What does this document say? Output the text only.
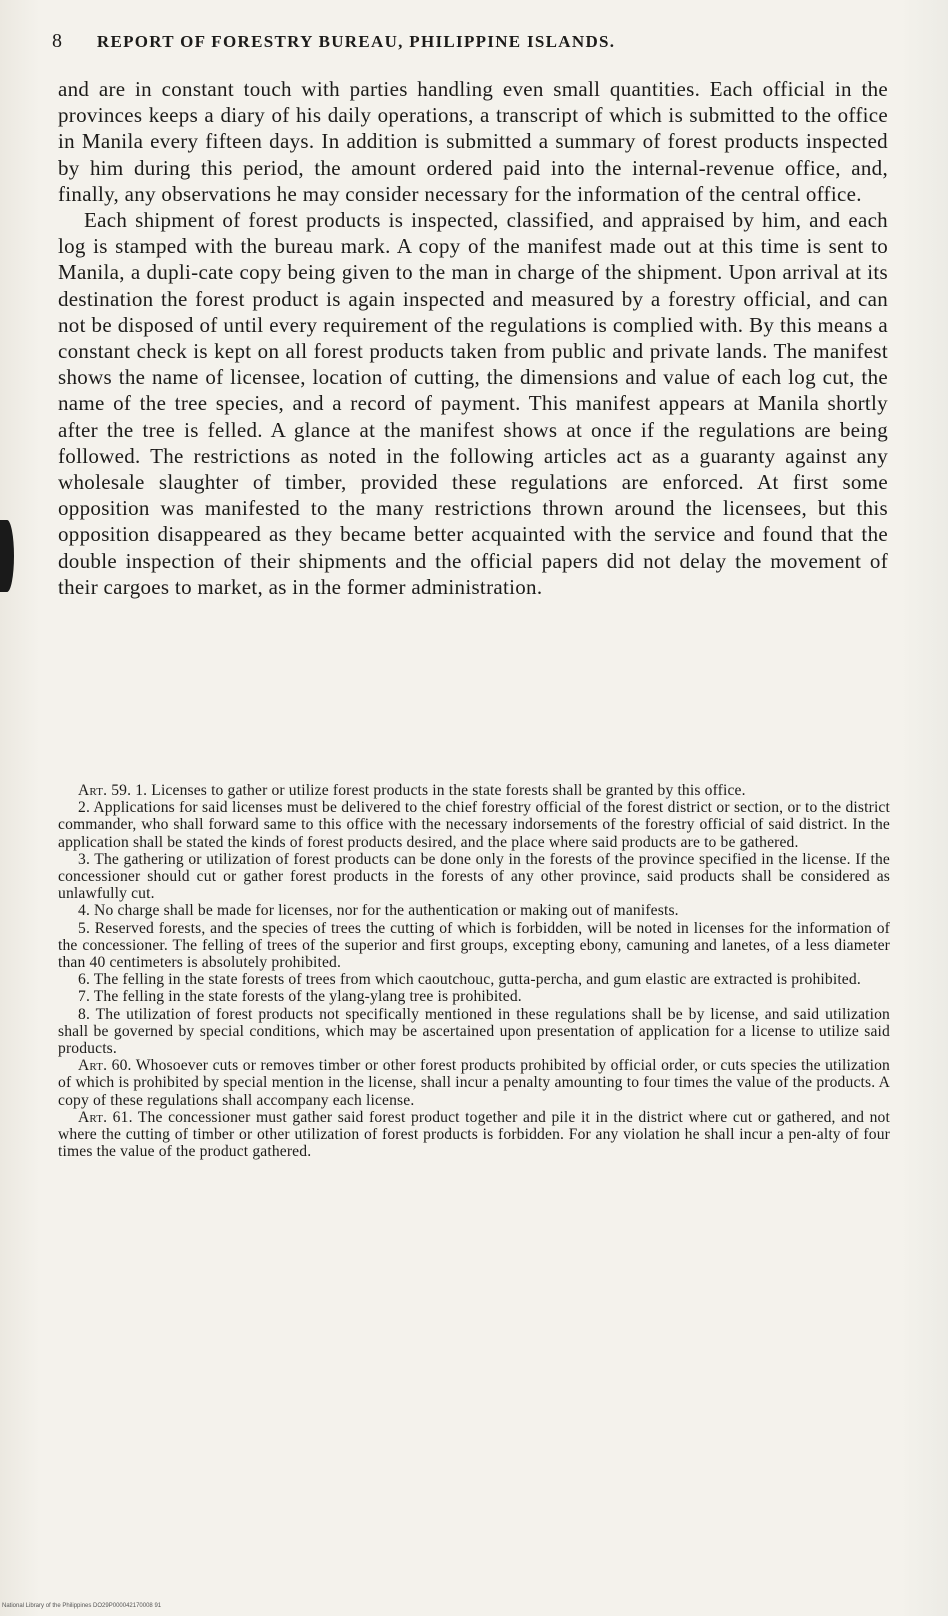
8 REPORT OF FORESTRY BUREAU, PHILIPPINE ISLANDS.

and are in constant touch with parties handling even small quantities. Each official in the provinces keeps a diary of his daily operations, a transcript of which is submitted to the office in Manila every fifteen days. In addition is submitted a summary of forest products inspected by him during this period, the amount ordered paid into the internal-revenue office, and, finally, any observations he may consider necessary for the information of the central office.

Each shipment of forest products is inspected, classified, and appraised by him, and each log is stamped with the bureau mark. A copy of the manifest made out at this time is sent to Manila, a dupli-cate copy being given to the man in charge of the shipment. Upon arrival at its destination the forest product is again inspected and measured by a forestry official, and can not be disposed of until every requirement of the regulations is complied with. By this means a constant check is kept on all forest products taken from public and private lands. The manifest shows the name of licensee, location of cutting, the dimensions and value of each log cut, the name of the tree species, and a record of payment. This manifest appears at Manila shortly after the tree is felled. A glance at the manifest shows at once if the regulations are being followed. The restrictions as noted in the following articles act as a guaranty against any wholesale slaughter of timber, provided these regulations are enforced. At first some opposition was manifested to the many restrictions thrown around the licensees, but this opposition disappeared as they became better acquainted with the service and found that the double inspection of their shipments and the official papers did not delay the movement of their cargoes to market, as in the former administration.

Art. 59. 1. Licenses to gather or utilize forest products in the state forests shall be granted by this office.

2. Applications for said licenses must be delivered to the chief forestry official of the forest district or section, or to the district commander, who shall forward same to this office with the necessary indorsements of the forestry official of said district. In the application shall be stated the kinds of forest products desired, and the place where said products are to be gathered.

3. The gathering or utilization of forest products can be done only in the forests of the province specified in the license. If the concessioner should cut or gather forest products in the forests of any other province, said products shall be considered as unlawfully cut.

4. No charge shall be made for licenses, nor for the authentication or making out of manifests.

5. Reserved forests, and the species of trees the cutting of which is forbidden, will be noted in licenses for the information of the concessioner. The felling of trees of the superior and first groups, excepting ebony, camuning and lanetes, of a less diameter than 40 centimeters is absolutely prohibited.

6. The felling in the state forests of trees from which caoutchouc, gutta-percha, and gum elastic are extracted is prohibited.

7. The felling in the state forests of the ylang-ylang tree is prohibited.

8. The utilization of forest products not specifically mentioned in these regulations shall be by license, and said utilization shall be governed by special conditions, which may be ascertained upon presentation of application for a license to utilize said products.

Art. 60. Whosoever cuts or removes timber or other forest products prohibited by official order, or cuts species the utilization of which is prohibited by special mention in the license, shall incur a penalty amounting to four times the value of the products. A copy of these regulations shall accompany each license.

Art. 61. The concessioner must gather said forest product together and pile it in the district where cut or gathered, and not where the cutting of timber or other utilization of forest products is forbidden. For any violation he shall incur a pen-alty of four times the value of the product gathered.

National Library of the Philippines DO29P000042170008 91
